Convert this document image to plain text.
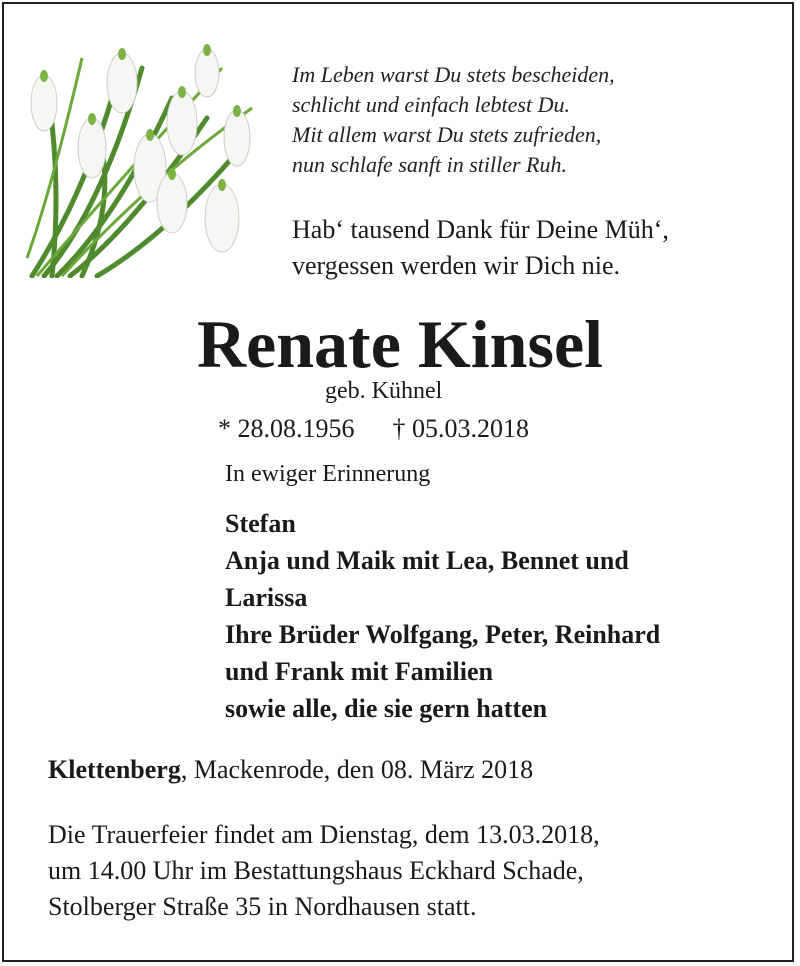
Im Leben warst Du stets bescheiden,
schlicht und einfach lebtest Du.
Mit allem warst Du stets zufrieden,
nun schlafe sanft in stiller Ruh.
Hab‘ tausend Dank für Deine Müh‘,
vergessen werden wir Dich nie.
Renate Kinsel
geb. Kühnel
* 28.08.1956 † 05.03.2018
In ewiger Erinnerung
Stefan
Anja und Maik mit Lea, Bennet und
Larissa
Ihre Brüder Wolfgang, Peter, Reinhard
und Frank mit Familien
sowie alle, die sie gern hatten
Klettenberg, Mackenrode, den 08. März 2018
Die Trauerfeier findet am Dienstag, dem 13.03.2018,
um 14.00 Uhr im Bestattungshaus Eckhard Schade,
Stolberger Straße 35 in Nordhausen statt.
